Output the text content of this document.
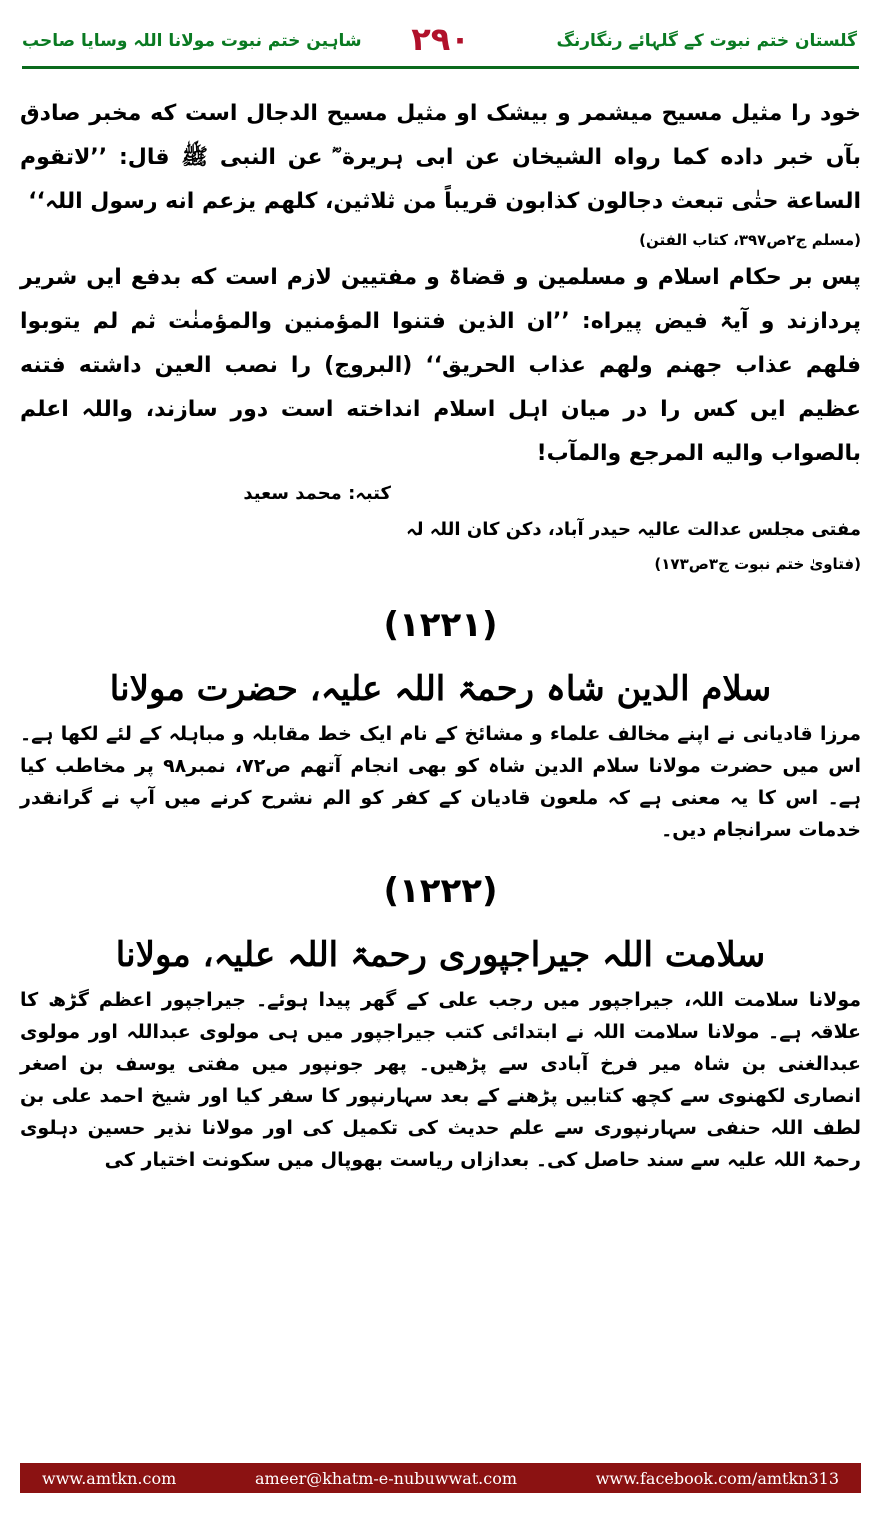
شاہین ختم نبوت مولانا اللہ وسایا صاحب	۲۹۰	گلستان ختم نبوت کے گلہائے رنگارنگ

خود را مثیل مسیح میشمر و بیشک او مثیل مسیح الدجال است که مخبر صادق بآں خبر داده کما رواه الشیخان عن ابی ہریرة ؓ عن النبی ﷺ قال: ’’لاتقوم الساعة حتٰی تبعث دجالون کذابون قریباً من ثلاثین، کلھم یزعم انه رسول اللہ‘‘

(مسلم ج۲ص۳۹۷، کتاب الفتن)

پس بر حکام اسلام و مسلمین و قضاۃ و مفتیین لازم است که بدفع ایں شریر پردازند و آیۃ فیض پیراه: ’’ان الذین فتنوا المؤمنین والمؤمنٰت ثم لم یتوبوا فلھم عذاب جھنم ولھم عذاب الحریق‘‘ (البروج) را نصب العین داشته فتنه عظیم ایں کس را در میان اہل اسلام انداخته است دور سازند، واللہ اعلم بالصواب والیه المرجع والمآب!

کتبہ: محمد سعید

مفتی مجلس عدالت عالیہ حیدر آباد، دکن کان اللہ لہ

(فتاویٰ ختم نبوت ج۳ص۱۷۳)

(۱۲۲۱)

سلام الدین شاہ رحمۃ اللہ علیہ، حضرت مولانا

مرزا قادیانی نے اپنے مخالف علماء و مشائخ کے نام ایک خط مقابلہ و مباہلہ کے لئے لکھا ہے۔ اس میں حضرت مولانا سلام الدین شاہ کو بھی انجام آتھم ص۷۲، نمبر۹۸ پر مخاطب کیا ہے۔ اس کا یہ معنی ہے کہ ملعون قادیان کے کفر کو الم نشرح کرنے میں آپ نے گرانقدر خدمات سرانجام دیں۔

(۱۲۲۲)

سلامت اللہ جیراجپوری رحمۃ اللہ علیہ، مولانا

مولانا سلامت اللہ، جیراجپور میں رجب علی کے گھر پیدا ہوئے۔ جیراجپور اعظم گڑھ کا علاقہ ہے۔ مولانا سلامت اللہ نے ابتدائی کتب جیراجپور میں ہی مولوی عبداللہ اور مولوی عبدالغنی بن شاہ میر فرخ آبادی سے پڑھیں۔ پھر جونپور میں مفتی یوسف بن اصغر انصاری لکھنوی سے کچھ کتابیں پڑھنے کے بعد سہارنپور کا سفر کیا اور شیخ احمد علی بن لطف اللہ حنفی سہارنپوری سے علم حدیث کی تکمیل کی اور مولانا نذیر حسین دہلوی رحمۃ اللہ علیہ سے سند حاصل کی۔ بعدازاں ریاست بھوپال میں سکونت اختیار کی

www.amtkn.com	ameer@khatm-e-nubuwwat.com	www.facebook.com/amtkn313
